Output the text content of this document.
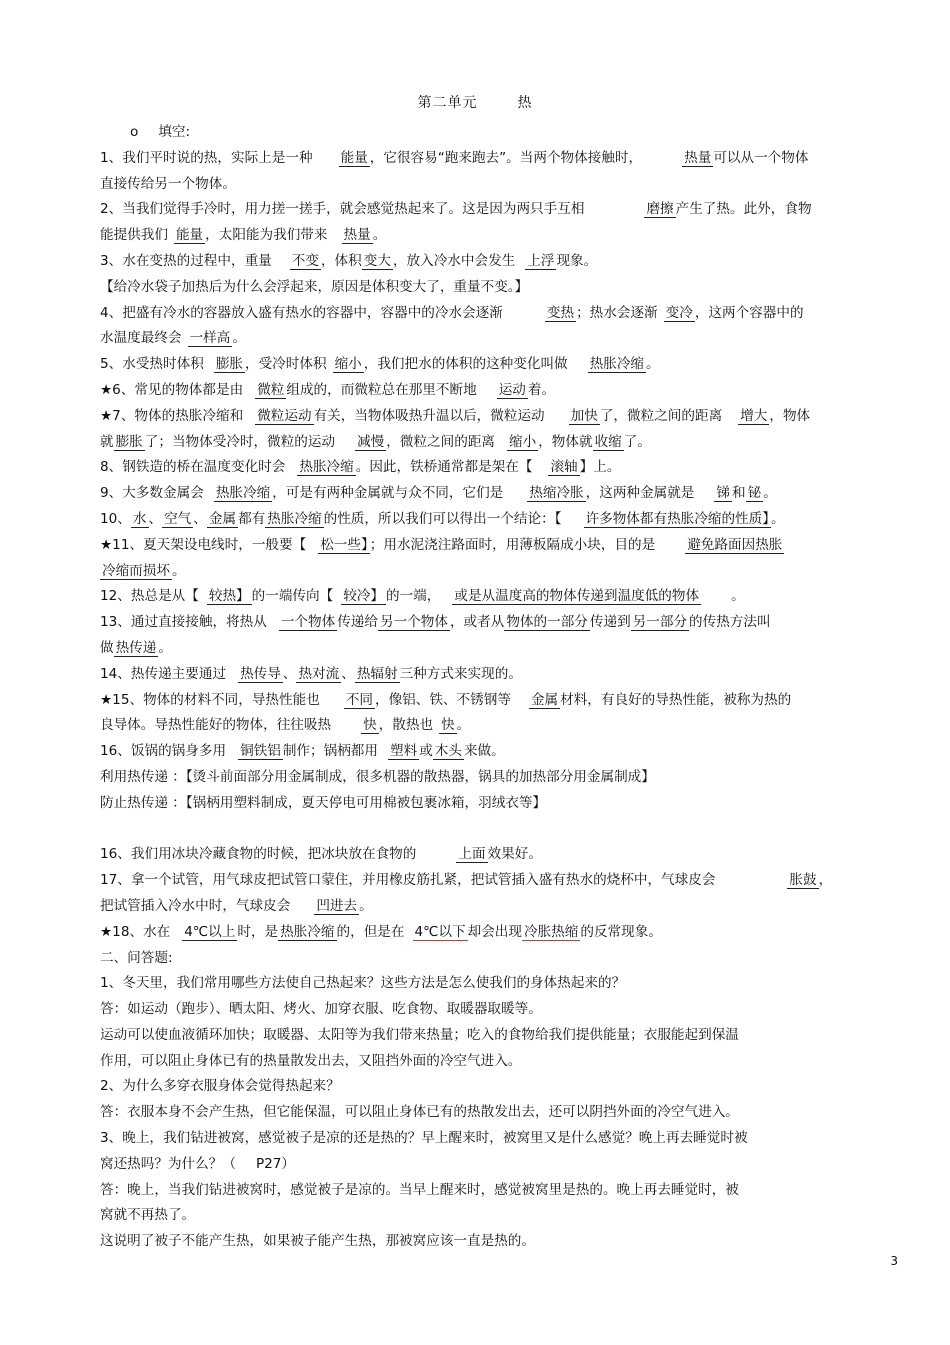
第二单元	热
o 填空:
1、我们平时说的热，实际上是一种 能量 ，它很容易“跑来跑去”。当两个物体接触时，	热量 可以从一个物体
直接传给另一个物体。
2、当我们觉得手冷时，用力搓一搓手，就会感觉热起来了。这是因为两只手互相	磨擦 产生了热。此外，食物
能提供我们 能量 ，太阳能为我们带来 热量 。
3、水在变热的过程中，重量 不变 ，体积 变大 ，放入冷水中会发生 上浮 现象。
【给冷水袋子加热后为什么会浮起来，原因是体积变大了，重量不变。】
4、把盛有冷水的容器放入盛有热水的容器中，容器中的冷水会逐渐	变热 ；热水会逐渐 变冷 ，这两个容器中的
水温度最终会 一样高 。
5、水受热时体积 膨胀 ，受冷时体积 缩小 ，我们把水的体积的这种变化叫做 热胀冷缩 。
★6、常见的物体都是由 微粒 组成的，而微粒总在那里不断地 运动 着。
★7、物体的热胀冷缩和 微粒运动 有关，当物体吸热升温以后，微粒运动 加快 了，微粒之间的距离 增大 ，物体
就 膨胀 了；当物体受冷时，微粒的运动 减慢 ，微粒之间的距离 缩小 ，物体就 收缩 了。
8、钢铁造的桥在温度变化时会 热胀冷缩 。因此，铁桥通常都是架在【 滚轴 】上。
9、大多数金属会 热胀冷缩 ，可是有两种金属就与众不同，它们是 热缩冷胀 ，这两种金属就是 锑 和 铋 。
10、 水 、 空气 、 金属 都有 热胀冷缩 的性质，所以我们可以得出一个结论：【 许多物体都有热胀冷缩的性质】 。
★11、夏天架设电线时，一般要【 松一些】 ；用水泥浇注路面时，用薄板隔成小块，目的是 避免路面因热胀
冷缩而损坏 。
12、热总是从【 较热】 的一端传向【 较冷】 的一端， 或是从温度高的物体传递到温度低的物体 。
13、通过直接接触，将热从 一个物体 传递给 另一个物体 ，或者从 物体的一部分 传递到 另一部分 的传热方法叫
做 热传递 。
14、热传递主要通过 热传导 、 热对流 、 热辐射 三种方式来实现的。
★15、物体的材料不同，导热性能也 不同 ，像铝、铁、不锈钢等 金属 材料，有良好的导热性能，被称为热的
良导体。导热性能好的物体，往往吸热 快 ，散热也 快 。
16、饭锅的锅身多用 铜铁铝 制作；锅柄都用 塑料 或 木头 来做。
利用热传递 ：【烫斗前面部分用金属制成，很多机器的散热器，锅具的加热部分用金属制成】
防止热传递 ：【锅柄用塑料制成，夏天停电可用棉被包裹冰箱，羽绒衣等】
16、我们用冰块冷藏食物的时候，把冰块放在食物的	上面 效果好。
17、拿一个试管，用气球皮把试管口蒙住，并用橡皮筋扎紧，把试管插入盛有热水的烧杯中，气球皮会	胀鼓 ，
把试管插入冷水中时，气球皮会 凹进去 。
★18、水在 4℃以上 时，是 热胀冷缩 的，但是在 4℃以下 却会出现 冷胀热缩 的反常现象。
二、问答题:
1、冬天里，我们常用哪些方法使自己热起来？这些方法是怎么使我们的身体热起来的？
答：如运动（跑步）、晒太阳、烤火、加穿衣服、吃食物、取暖器取暖等。
运动可以使血液循环加快；取暖器、太阳等为我们带来热量；吃入的食物给我们提供能量；衣服能起到保温
作用，可以阻止身体已有的热量散发出去，又阻挡外面的冷空气进入。
2、为什么多穿衣服身体会觉得热起来？
答：衣服本身不会产生热，但它能保温，可以阻止身体已有的热散发出去，还可以阴挡外面的冷空气进入。
3、晚上，我们钻进被窝，感觉被子是凉的还是热的？早上醒来时，被窝里又是什么感觉？晚上再去睡觉时被
窝还热吗？为什么？（ P27）
答：晚上，当我们钻进被窝时，感觉被子是凉的。当早上醒来时，感觉被窝里是热的。晚上再去睡觉时，被
窝就不再热了。
这说明了被子不能产生热，如果被子能产生热，那被窝应该一直是热的。
3
